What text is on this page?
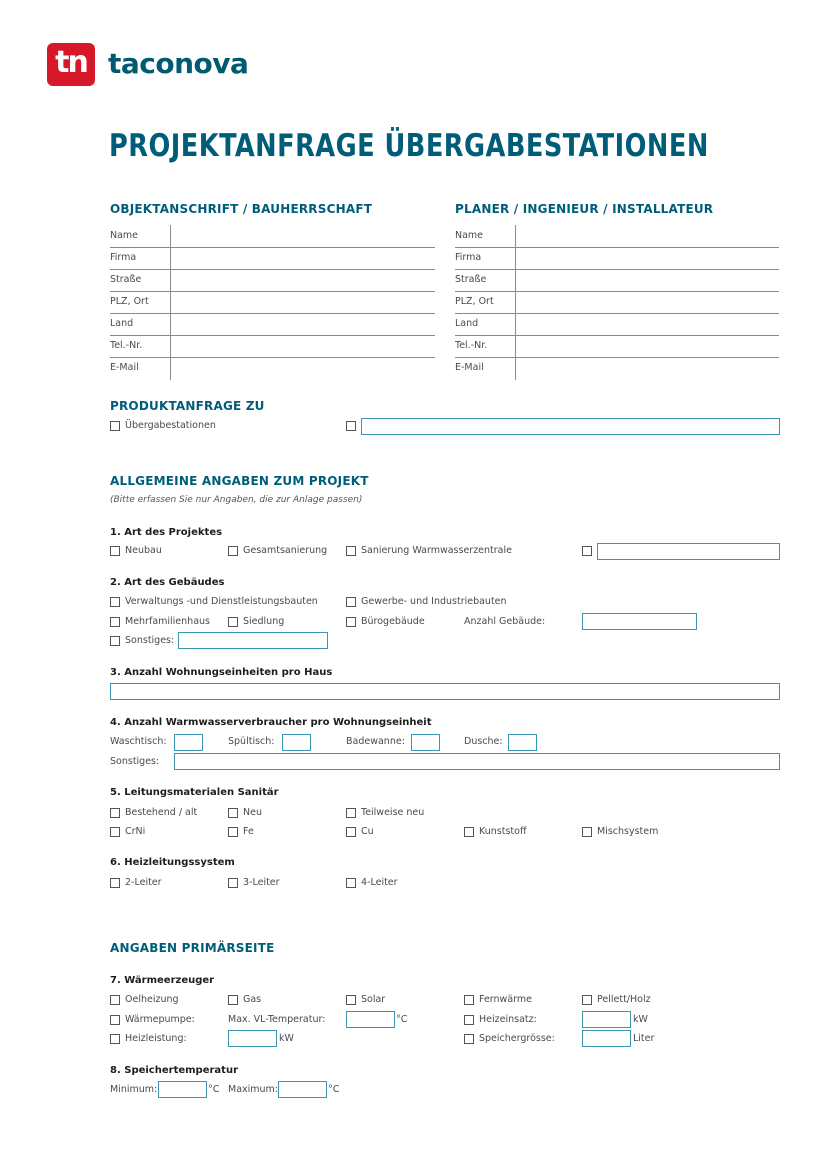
tn taconova
PROJEKTANFRAGE ÜBERGABESTATIONEN
OBJEKTANSCHRIFT / BAUHERRSCHAFT
Name
Firma
Straße
PLZ, Ort
Land
Tel.-Nr.
E-Mail
PLANER / INGENIEUR / INSTALLATEUR
Name
Firma
Straße
PLZ, Ort
Land
Tel.-Nr.
E-Mail
PRODUKTANFRAGE ZU
Übergabestationen
ALLGEMEINE ANGABEN ZUM PROJEKT
(Bitte erfassen Sie nur Angaben, die zur Anlage passen)
1. Art des Projektes
Neubau	Gesamtsanierung	Sanierung Warmwasserzentrale
2. Art des Gebäudes
Verwaltungs -und Dienstleistungsbauten	Gewerbe- und Industriebauten
Mehrfamilienhaus	Siedlung	Bürogebäude	Anzahl Gebäude:
Sonstiges:
3. Anzahl Wohnungseinheiten pro Haus
4. Anzahl Warmwasserverbraucher pro Wohnungseinheit
Waschtisch:	Spültisch:	Badewanne:	Dusche:
Sonstiges:
5. Leitungsmaterialen Sanitär
Bestehend / alt	Neu	Teilweise neu
CrNi	Fe	Cu	Kunststoff	Mischsystem
6. Heizleitungssystem
2-Leiter	3-Leiter	4-Leiter
ANGABEN PRIMÄRSEITE
7. Wärmeerzeuger
Oelheizung	Gas	Solar	Fernwärme	Pellett/Holz
Wärmepumpe:	Max. VL-Temperatur:	°C	Heizeinsatz:	kW
Heizleistung:	kW	Speichergrösse:	Liter
8. Speichertemperatur
Minimum:	°C Maximum:	°C
